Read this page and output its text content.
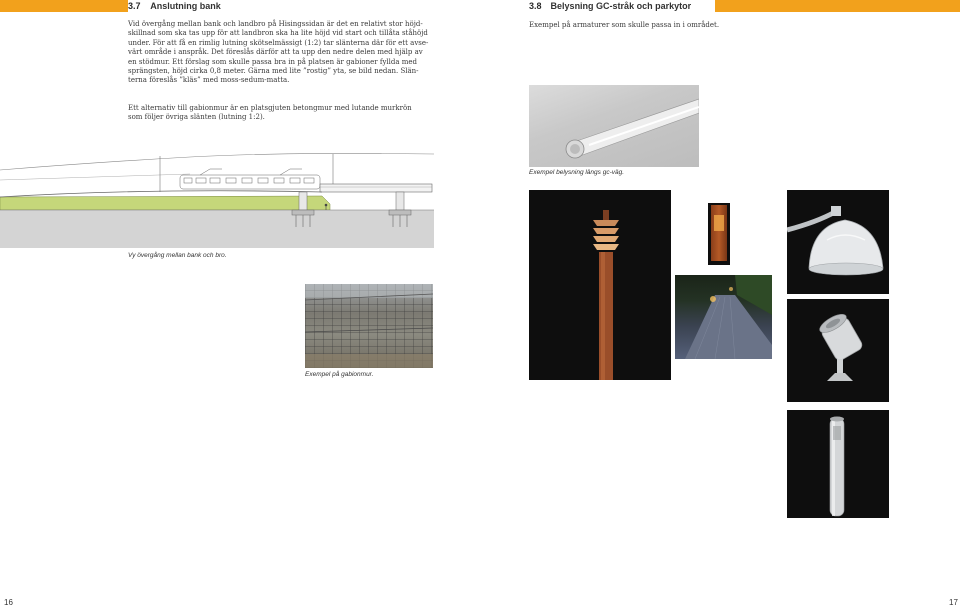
3.7 Anslutning bank
Vid övergång mellan bank och landbro på Hisingssidan är det en relativt stor höjd-
skillnad som ska tas upp för att landbron ska ha lite höjd vid start och tillåta ståhöjd
under. För att få en rimlig lutning skötselmässigt (1:2) tar slänterna där för ett avse-
värt område i anspråk. Det föreslås därför att ta upp den nedre delen med hjälp av
en stödmur. Ett förslag som skulle passa bra in på platsen är gabioner fyllda med
sprängsten, höjd cirka 0,8 meter. Gärna med lite ”rostig” yta, se bild nedan. Slän-
terna föreslås ”kläs” med moss-sedum-matta.
Ett alternativ till gabionmur är en platsgjuten betongmur med lutande murkrön
som följer övriga slänten (lutning 1:2).
Vy övergång mellan bank och bro.
Exempel på gabionmur.
16
3.8 Belysning GC-stråk och parkytor
Exempel på armaturer som skulle passa in i området.
Exempel belysning längs gc-väg.
17
